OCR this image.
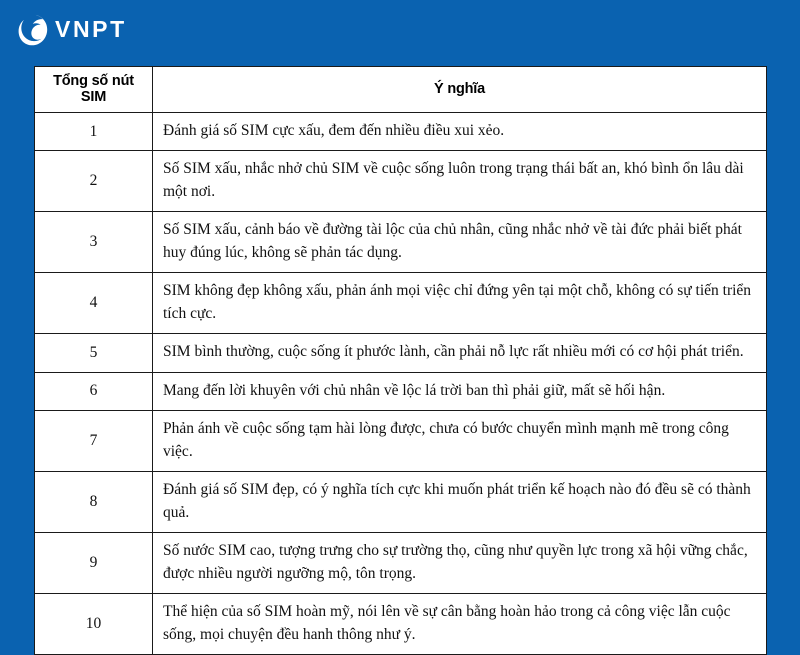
VNPT
Tổng số nút SIM	Ý nghĩa
1	Đánh giá số SIM cực xấu, đem đến nhiều điều xui xẻo.
2	Số SIM xấu, nhắc nhở chủ SIM về cuộc sống luôn trong trạng thái bất an, khó bình ổn lâu dài một nơi.
3	Số SIM xấu, cảnh báo về đường tài lộc của chủ nhân, cũng nhắc nhở về tài đức phải biết phát huy đúng lúc, không sẽ phản tác dụng.
4	SIM không đẹp không xấu, phản ánh mọi việc chỉ đứng yên tại một chỗ, không có sự tiến triển tích cực.
5	SIM bình thường, cuộc sống ít phước lành, cần phải nỗ lực rất nhiều mới có cơ hội phát triển.
6	Mang đến lời khuyên với chủ nhân về lộc lá trời ban thì phải giữ, mất sẽ hối hận.
7	Phản ánh về cuộc sống tạm hài lòng được, chưa có bước chuyển mình mạnh mẽ trong công việc.
8	Đánh giá số SIM đẹp, có ý nghĩa tích cực khi muốn phát triển kế hoạch nào đó đều sẽ có thành quả.
9	Số nước SIM cao, tượng trưng cho sự trường thọ, cũng như quyền lực trong xã hội vững chắc, được nhiều người ngưỡng mộ, tôn trọng.
10	Thể hiện của số SIM hoàn mỹ, nói lên về sự cân bằng hoàn hảo trong cả công việc lẫn cuộc sống, mọi chuyện đều hanh thông như ý.
